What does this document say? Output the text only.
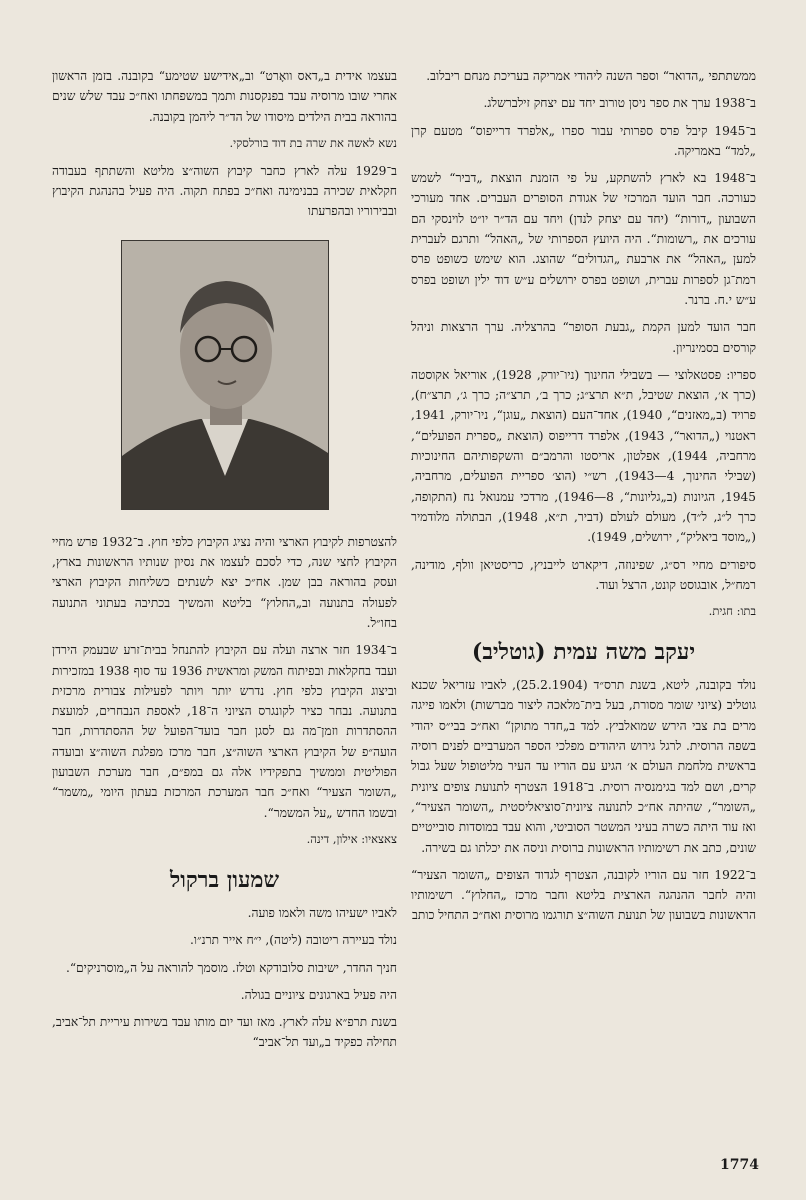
ממשתתפי „הדואר“ וספר השנה ליהודי אמריקה בעריכת מנחם ריבלוב.

ב־1938 ערך את ספר ניסן טורוב יחד עם יצחק זילברשלג.

ב־1945 קיבל פרס ספרותי עבור ספרו „אלפרד דרייפוס“ מטעם קרן „למד“ באמריקה.

ב־1948 בא לארץ להשתקע, על פי הזמנת הוצאת „דביר“ לשמש כעורכה. חבר הועד המרכזי של אגודת הסופרים העברים. אחד מעורכי השבועון „דורות“ (יחד עם יצחק לנדן) ויחד עם הד״ר יו״ט לוינסקי הם עורכים את „רשומות“. היה היועץ הספרותי של „האהל“ ותרגם לעברית למען „האהל“ את ארבעת „הגדולים“ שהוצג. הוא שימש כשופט פרס רמת־גן לספרות עברית, ושופט בפרס ירושלים ע״ש דוד ילין ושופט בפרס ע״ש י.ח. ברנר.

חבר הועד למען הקמת „גבעת הסופר“ בהרצליה. ערך הרצאות וניהל קורסים בסמינריון.

ספריו: פסטאלוצי — בשבילי החינוך (ניו־יורק, 1928), אוריאל אקוסטה (כרך א׳, הוצאת שטיבל, ת״א תרצ״ג; כרך ב׳, תרצ״ה; כרך ג׳, תרצ״ח), פרויד (ב„מאזנים“, 1940), אחד־העם (הוצאת „עוגן“, ניו־יורק, 1941, ראטנוי („הדואר“, 1943), אלפרד דרייפוס (הוצאת „ספרית הפועלים“, מרחביה, 1944), אפלטון, אריסטו והרמב״ם והשקפותיהם החינוכיות (שבילי החינוך, 4—1943), רש״י (הוצ׳ ספריית הפועלים, מרחביה, 1945, הגיונות (ב„גליונות“, 8—1946), מרדכי עמנואל נח (התקופה, כרך ל״ג, ל״ד), מעולם לעולם (דביר, ת״א, 1948), הבתולה מלודמיר („מוסד ביאליק“, ירושלים, 1949).

סיפורים מחיי רס״ג, שפינוזה, דיקארט לייבניץ, כריסטיאן וולף, מודינה, רמח״ל, אובגוסט קונט, הרצל ועוד.

בתו: חגית.

יעקב משה עמית (גוטליב)

נולד בקובנה, ליטא, בשנת תרס״ד (25.2.1904), לאביו עזריאל שכנא גוטליב (ציוני שומר מסורת, בעל בית־מלאכה ליצור מברשות) ולאמו פייגה מרים בת צבי הירש שמואלביץ. למד ב„חדר מתוקן“ ואח״כ בבי״ס יהודי בשפה הרוסית. לרגל גירוש היהודים מפלכי הספר המערביים לפנים רוסיה בראשית מלחמת העולם א׳ הגיע עם הוריו עד העיר מליטופול שעל גבול קרים, ושם למד בגימנסיה רוסית. ב־1918 הצטרף לתנועת צופים ציונית „השומר“, שהיתה אח״כ לתנועה ציונית־סוציאליסטית „השומר הצעיר“, ואז עוד היתה כשרה בעיני המשטר הסוביטי, והוא עבד במוסדות סובייטיים שונים, כתב את רשימותיו הראשונות ברוסית וניסה את יכלתו גם בשירה.

ב־1922 חזר עם הוריו לקובנה, הצטרף לגדוד הצופים „השומר הצעיר“ והיה לחבר ההנהגה הארצית בליטא וחבר מרכז „החלוץ“. רשימותיו הראשונות בשבועון של תנועת השוה״צ תורגמו מרוסית ואח״כ התחיל כותב

בעצמו אידית ב„דאס וואָרט“ וב„אידישע שטימע“ בקובנה. בזמן הראשון אחרי שובו מרוסיה עבד בפנקסנות ותמך במשפחתו ואח״כ עבד שלש שנים בהוראה בבית הילדים מיסודו של הד״ר ליהמן בקובנה.

נשא לאשה את שרה בת דוד בורלסקי.

ב־1929 עלה לארץ כחבר קיבוץ השוה״צ מליטא והשתתף בעבודה חקלאית שכירה בבנימינה ואח״כ בפתח תקוה. היה פעיל בהנהגת הקיבוץ ובבירוריו ובהפרעתו

להצטרפות לקיבוץ הארצי והיה נציג הקיבוץ כלפי חוץ. ב־1932 פרש מחיי הקיבוץ לחצי שנה, כדי לסכם לעצמו את נסיון שנותיו הראשונות בארץ, ועסק בהוראה בבן שמן. אח״כ יצא לשנתים כשליחות הקיבוץ הארצי לפעולה בתנועה וב„החלוץ“ בליטא והמשיך בכתיבה בעתוני התנועה בחו״ל.

ב־1934 חזר ארצה ועלה עם הקיבוץ להתנחל בבית־זרע שבעמק הירדן ועבד בחקלאות ובפיתוח המשק ומראשית 1936 עד סוף 1938 במזכירות וביצוג הקיבוץ כלפי חוץ. נדרש יותר ויותר לפעילות צבורית מרכזית בתנועה. נבחר כציר לקונגרס הציוני ה־18, לאספת הנבחרים, למועצת ההסתדרות וזמן־מה גם לסגן חבר בועד־הפועל של ההסתדרות, חבר הועה״פ של הקיבוץ הארצי השוה״צ, חבר מרכז מפלגת השוה״צ ובועדה הפוליטית וממשיך בתפקידיו אלה גם במפ״ם, חבר מערכת השבועון „השומר הצעיר“ ואח״כ חבר המערכת המרכזת בעתון היומי „משמר“ ובשמו החדש „על המשמר“.

צאצאיו: אילון, דינה.

שמעון ברקול

לאביו ישעיהו משה ולאמו פועה.

נולד בעיירה ריטובה (ליטה), י״ח אייר תרנ״ו.

חניך החדר, ישיבות סלובודקא וטלז. מוסמך להוראה על ה„מוסרניקים“.

היה פעיל בארגונים ציוניים בגולה.

בשנת תרפ״א עלה לארץ. מאז ועד יום מותו עבד בשירות עיריית תל־אביב, תחילה כפקיד ב„ועד תל־אביב“

1774
